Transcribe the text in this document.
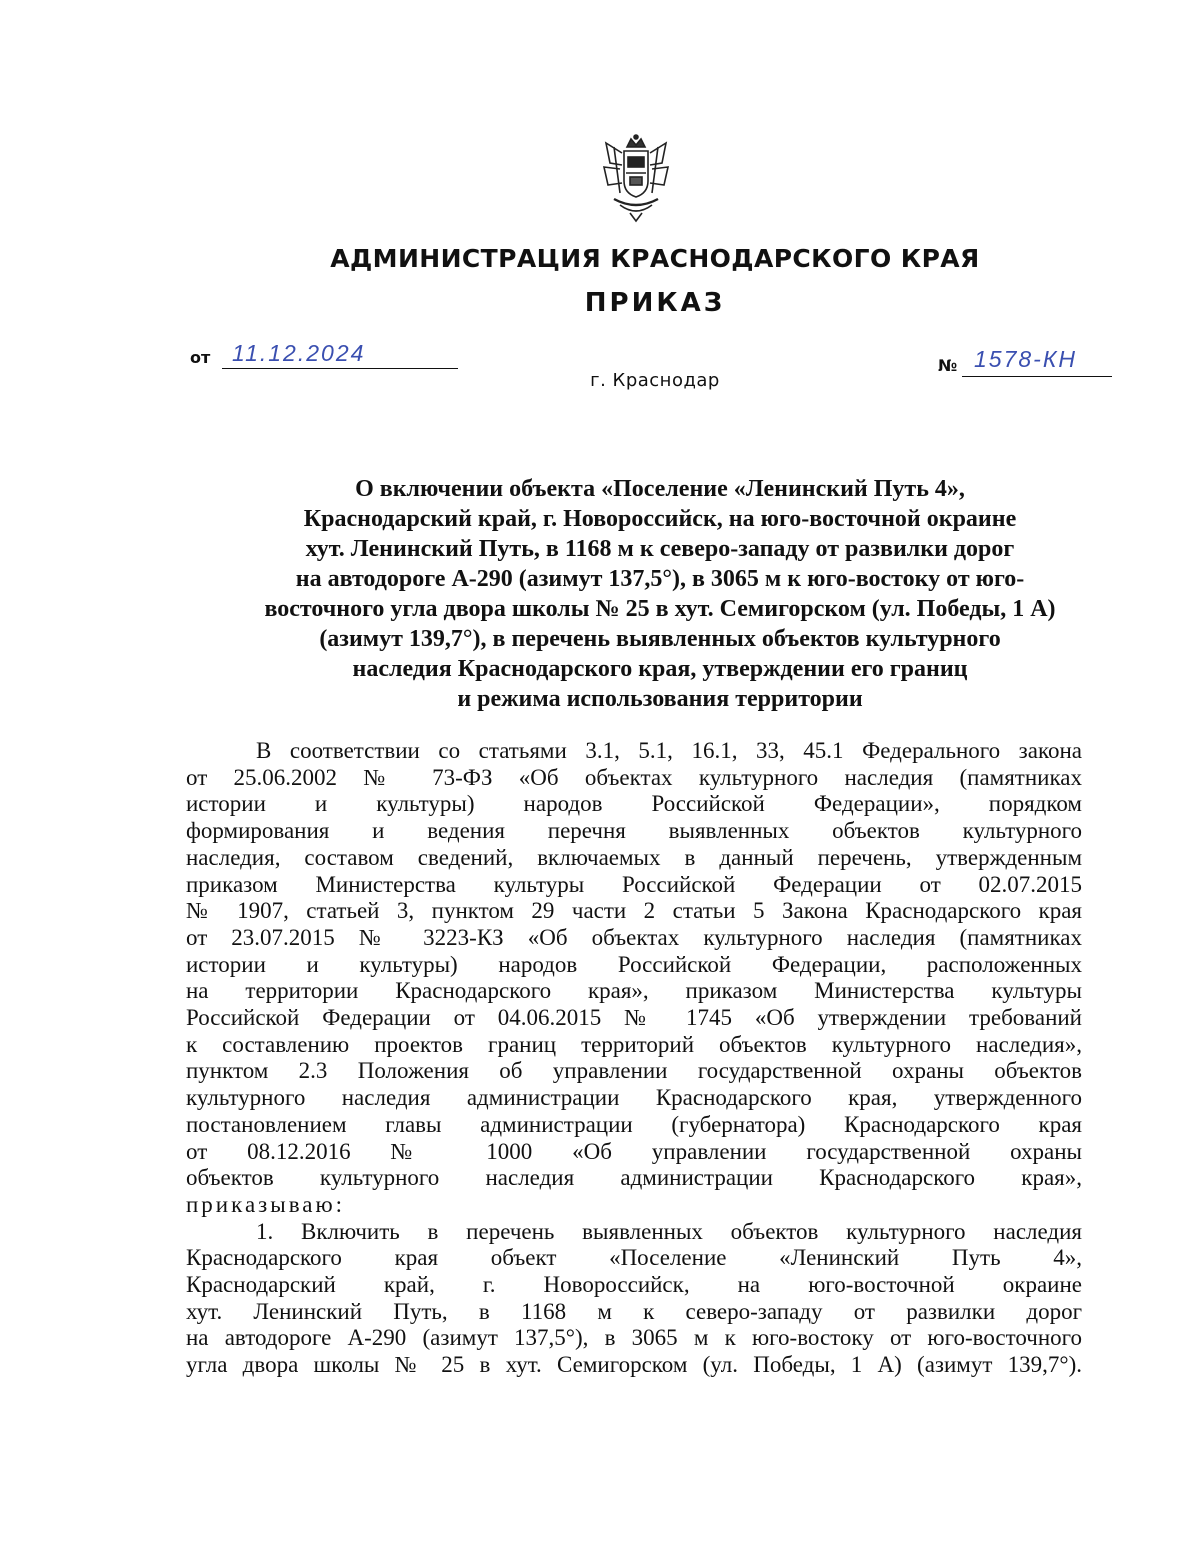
АДМИНИСТРАЦИЯ КРАСНОДАРСКОГО КРАЯ
ПРИКАЗ
от 11.12.2024
г. Краснодар
№ 1578-КН
О включении объекта «Поселение «Ленинский Путь 4»,
Краснодарский край, г. Новороссийск, на юго-восточной окраине
хут. Ленинский Путь, в 1168 м к северо-западу от развилки дорог
на автодороге А-290 (азимут 137,5°), в 3065 м к юго-востоку от юго-
восточного угла двора школы № 25 в хут. Семигорском (ул. Победы, 1 А)
(азимут 139,7°), в перечень выявленных объектов культурного
наследия Краснодарского края, утверждении его границ
и режима использования территории
В соответствии со статьями 3.1, 5.1, 16.1, 33, 45.1 Федерального закона
от 25.06.2002 № 73-ФЗ «Об объектах культурного наследия (памятниках
истории и культуры) народов Российской Федерации», порядком
формирования и ведения перечня выявленных объектов культурного
наследия, составом сведений, включаемых в данный перечень, утвержденным
приказом Министерства культуры Российской Федерации от 02.07.2015
№ 1907, статьей 3, пунктом 29 части 2 статьи 5 Закона Краснодарского края
от 23.07.2015 № 3223-КЗ «Об объектах культурного наследия (памятниках
истории и культуры) народов Российской Федерации, расположенных
на территории Краснодарского края», приказом Министерства культуры
Российской Федерации от 04.06.2015 № 1745 «Об утверждении требований
к составлению проектов границ территорий объектов культурного наследия»,
пунктом 2.3 Положения об управлении государственной охраны объектов
культурного наследия администрации Краснодарского края, утвержденного
постановлением главы администрации (губернатора) Краснодарского края
от 08.12.2016 № 1000 «Об управлении государственной охраны
объектов культурного наследия администрации Краснодарского края»,
приказываю:
1. Включить в перечень выявленных объектов культурного наследия
Краснодарского края объект «Поселение «Ленинский Путь 4»,
Краснодарский край, г. Новороссийск, на юго-восточной окраине
хут. Ленинский Путь, в 1168 м к северо-западу от развилки дорог
на автодороге А-290 (азимут 137,5°), в 3065 м к юго-востоку от юго-восточного
угла двора школы № 25 в хут. Семигорском (ул. Победы, 1 А) (азимут 139,7°).
